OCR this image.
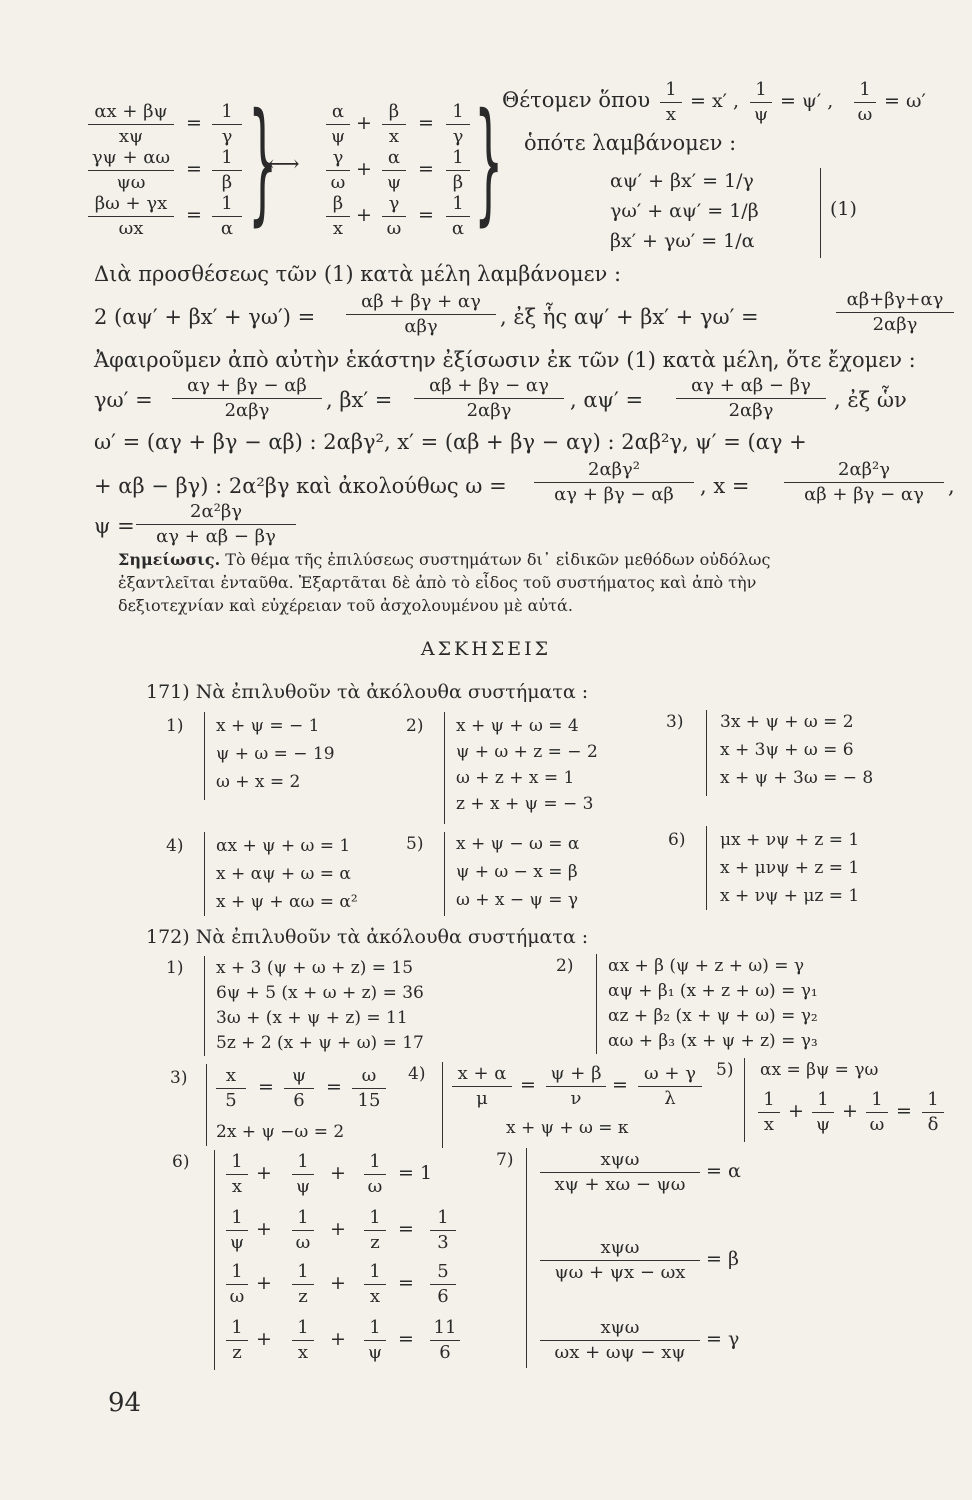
$\frac{\alpha x + \beta\psi}{x\psi} = \frac{1}{\gamma}$
$\frac{\gamma\psi + \alpha\omega}{\psi\omega} = \frac{1}{\beta}$
$\frac{\beta\omega + \gamma x}{\omega x} = \frac{1}{\alpha}$ }
⟷
$\frac{\alpha}{\psi} + \frac{\beta}{x} = \frac{1}{\gamma}$
$\frac{\gamma}{\omega} + \frac{\alpha}{\psi} = \frac{1}{\beta}$
$\frac{\beta}{x} + \frac{\gamma}{\omega} = \frac{1}{\alpha}$ }
Θέτομεν ὅπου $\frac{1}{x} = x'$ , $\frac{1}{\psi} = \psi'$ , $\frac{1}{\omega} = \omega'$
ὁπότε λαμβάνομεν :
αψ′ + βx′ = 1/γ
γω′ + αψ′ = 1/β
βx′ + γω′ = 1/α
(1)
Διὰ προσθέσεως τῶν (1) κατὰ μέλη λαμβάνομεν :
2 (αψ′ + βx′ + γω′) =
αβ + βγ + αγ
αβγ	, ἐξ ἧς αψ′ + βx′ + γω′ =
αβ+βγ+αγ
2αβγ
Ἀφαιροῦμεν ἀπὸ αὐτὴν ἑκάστην ἐξίσωσιν ἐκ τῶν (1) κατὰ μέλη, ὅτε ἔχομεν :
γω′ =
αγ + βγ − αβ
2αβγ	, βx′ =
αβ + βγ − αγ
2αβγ	, αψ′ =
αγ + αβ − βγ
2αβγ	, ἐξ ὧν
ω′ = (αγ + βγ − αβ) : 2αβγ², x′ = (αβ + βγ − αγ) : 2αβ²γ, ψ′ = (αγ +
+ αβ − βγ) : 2α²βγ καὶ ἀκολούθως ω =
2αβγ²
αγ + βγ − αβ	, $x = \frac{\text{2αβ²γ}}{\alpha\beta + \beta\gamma - \alpha\gamma}$ ,
$\psi = \frac{\text{2α²βγ}}{\alpha\gamma + \alpha\beta - \beta\gamma}$
Σημείωσις. Τὸ θέμα τῆς ἐπιλύσεως συστημάτων δι᾽ εἰδικῶν μεθόδων οὐδόλως ἐξαντλεῖται ἐνταῦθα. Ἐξαρτᾶται δὲ ἀπὸ τὸ εἶδος τοῦ συστήματος καὶ ἀπὸ τὴν δεξιοτεχνίαν καὶ εὐχέρειαν τοῦ ἀσχολουμένου μὲ αὐτά.
ΑΣΚΗΣΕΙΣ
171) Νὰ ἐπιλυθοῦν τὰ ἀκόλουθα συστήματα :
1) x + ψ = − 1
ψ + ω = − 19
ω + x = 2
2) x + ψ + ω = 4
ψ + ω + z = − 2
ω + z + x = 1
z + x + ψ = − 3
3) 3x + ψ + ω = 2
x + 3ψ + ω = 6
x + ψ + 3ω = − 8
4) αx + ψ + ω = 1
x + αψ + ω = α
x + ψ + αω = α²
5) x + ψ − ω = α
ψ + ω − x = β
ω + x − ψ = γ
6) μx + νψ + z = 1
x + μνψ + z = 1
x + νψ + μz = 1
172) Νὰ ἐπιλυθοῦν τὰ ἀκόλουθα συστήματα :
1) x + 3 (ψ + ω + z) = 15
6ψ + 5 (x + ω + z) = 36
3ω + (x + ψ + z) = 11
5z + 2 (x + ψ + ω) = 17
2) αx + β (ψ + z + ω) = γ
αψ + β₁ (x + z + ω) = γ₁
αz + β₂ (x + ψ + ω) = γ₂
αω + β₃ (x + ψ + z) = γ₃
$3) \frac{x}{5} = \frac{\psi}{6} = \frac{\omega}{15}$
2x + ψ −ω = 2
$4) \frac{x + \alpha}{\mu} = \frac{\psi + \beta}{\nu} = \frac{\omega + \gamma}{\lambda}$
x + ψ + ω = κ
5) αx = βψ = γω
$\frac{1}{x} + \frac{1}{\psi} + \frac{1}{\omega} = \frac{1}{\delta}$
$6) \frac{1}{x} + \frac{1}{\psi} + \frac{1}{\omega} = 1$
$\frac{1}{\psi} + \frac{1}{\omega} + \frac{1}{z} = \frac{1}{3}$
$\frac{1}{\omega} + \frac{1}{z} + \frac{1}{x} = \frac{5}{6}$
$\frac{1}{z} + \frac{1}{x} + \frac{1}{\psi} = \frac{11}{6}$
7)	xψω
xψ + xω − ψω
= α
xψω
ψω + ψx − ωx
= β
xψω
ωx + ωψ − xψ
= γ
94
